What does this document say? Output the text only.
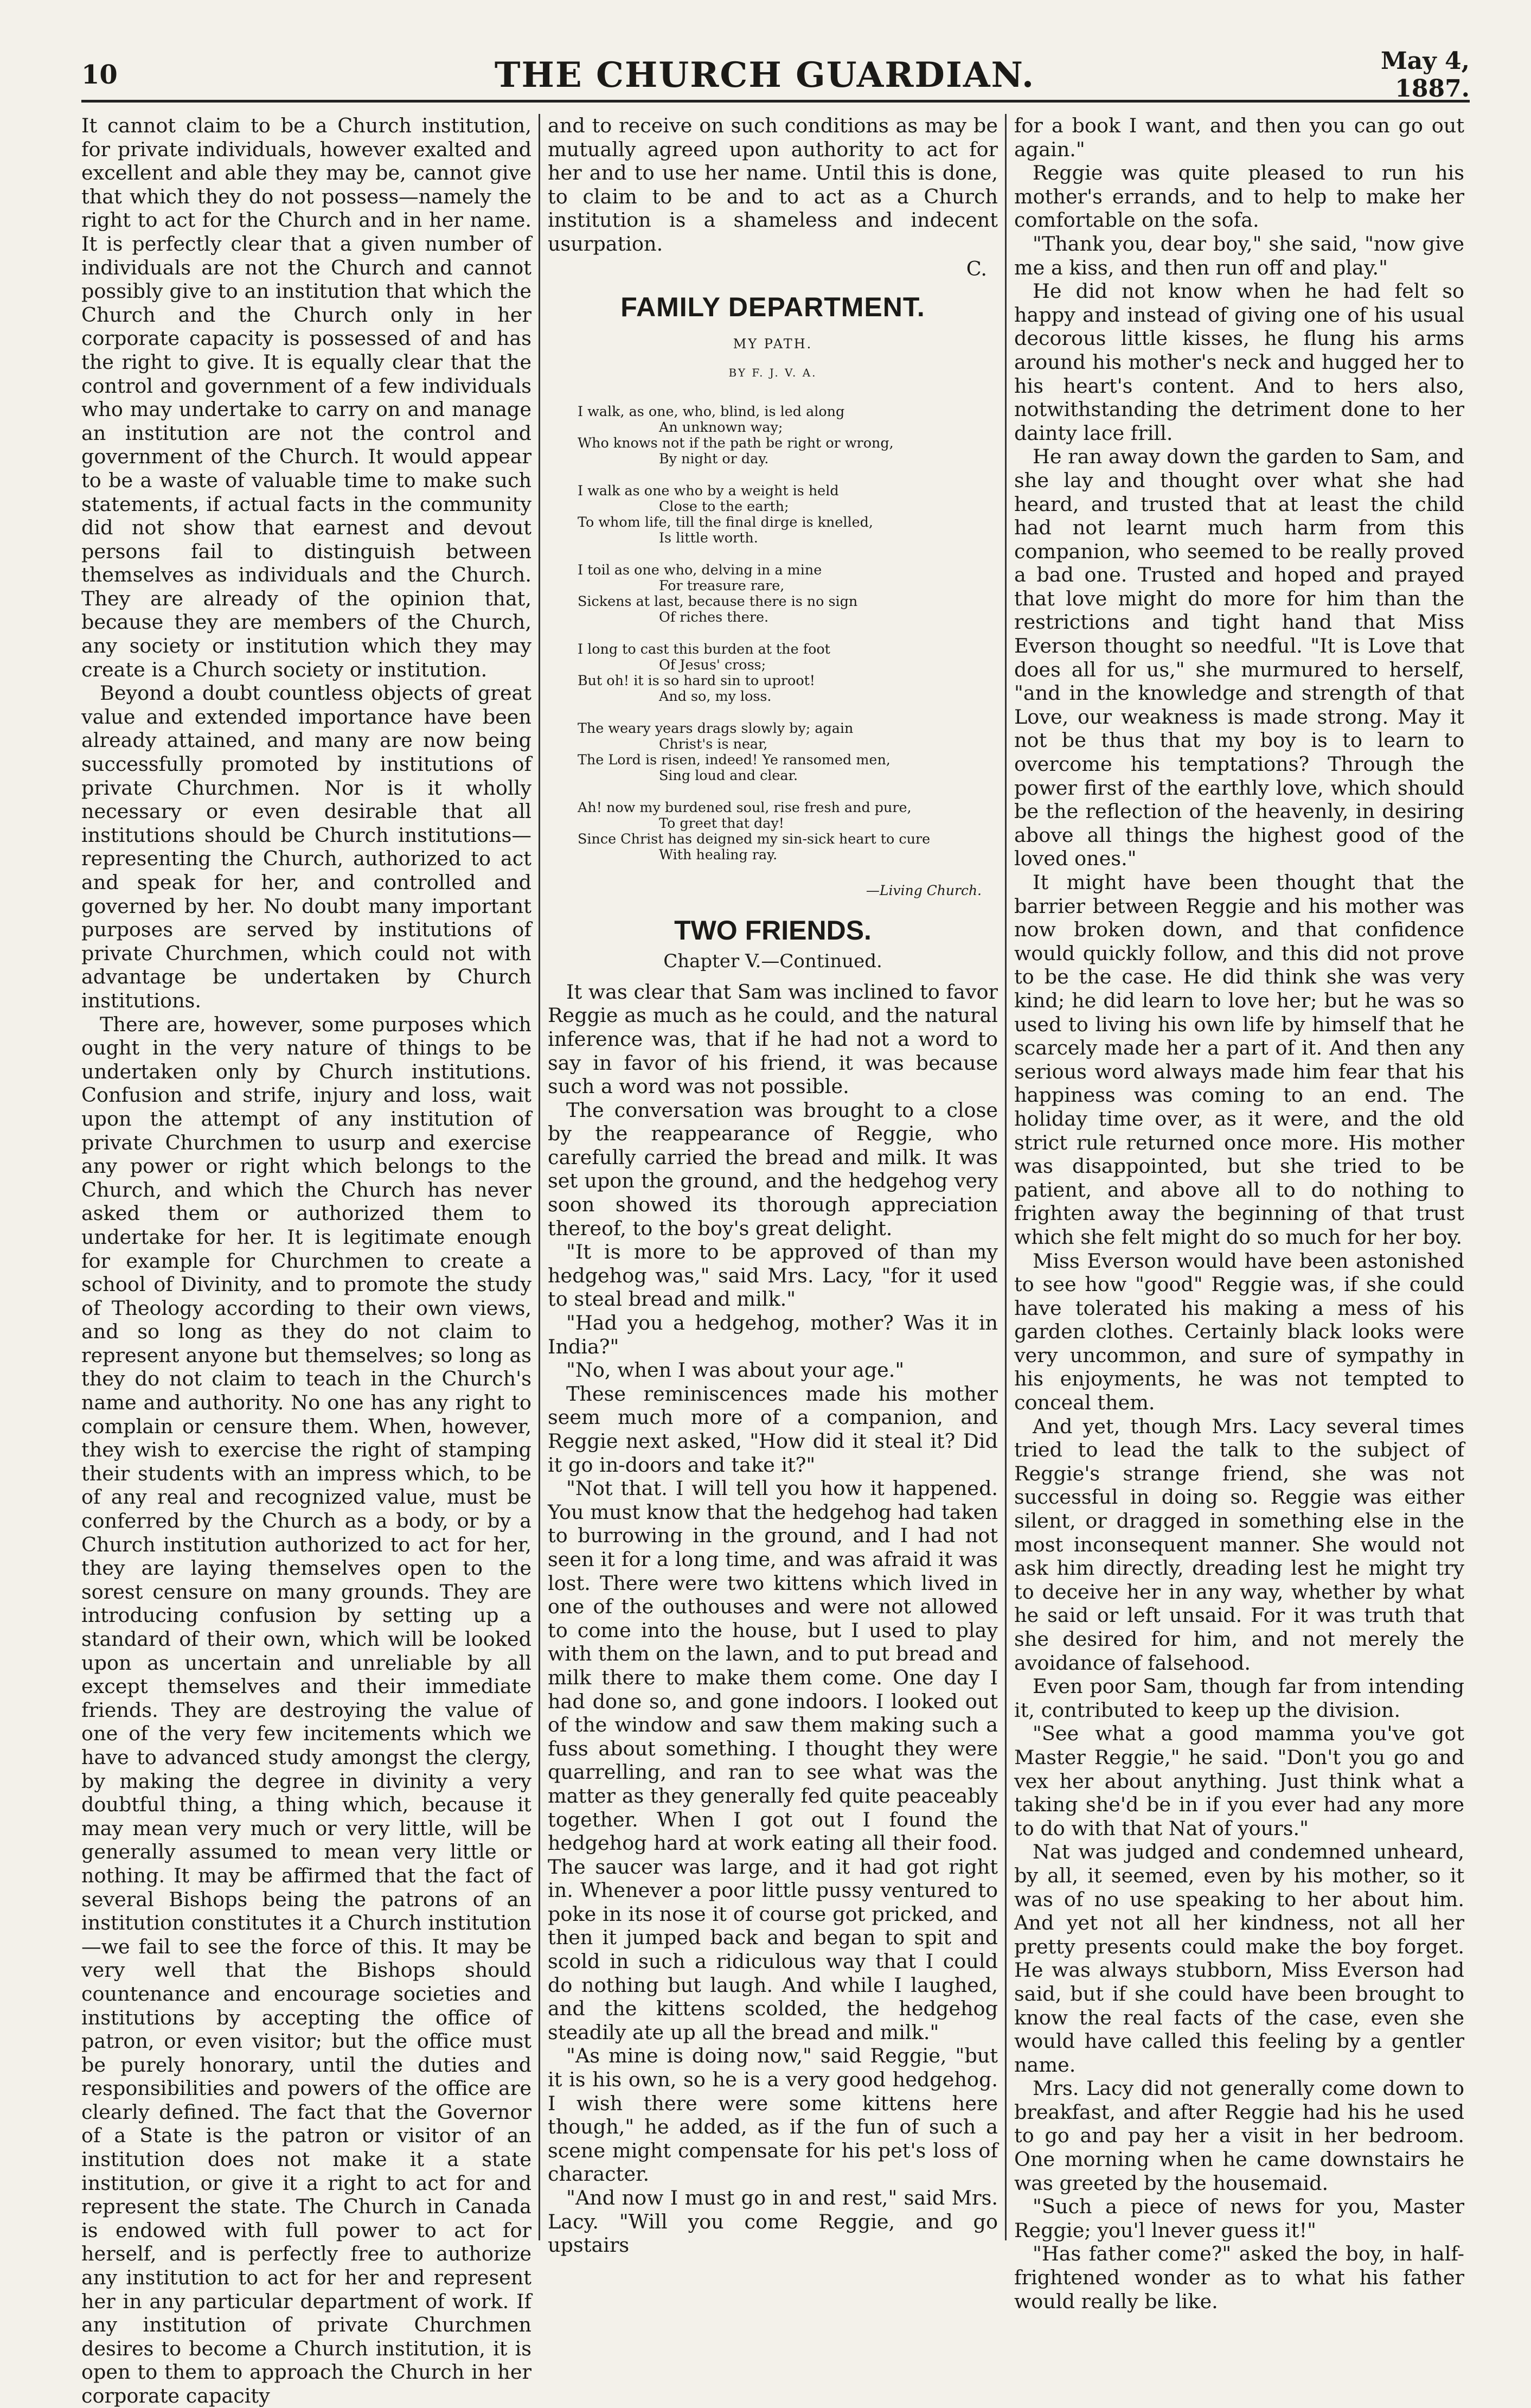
10	THE CHURCH GUARDIAN.	May 4, 1887.

It cannot claim to be a Church institution, for private individuals, however exalted and excellent and able they may be, cannot give that which they do not possess—namely the right to act for the Church and in her name. It is perfectly clear that a given number of individuals are not the Church and cannot possibly give to an institution that which the Church and the Church only in her corporate capacity is possessed of and has the right to give. It is equally clear that the control and government of a few individuals who may undertake to carry on and manage an institution are not the control and government of the Church. It would appear to be a waste of valuable time to make such statements, if actual facts in the community did not show that earnest and devout persons fail to distinguish between themselves as individuals and the Church. They are already of the opinion that, because they are members of the Church, any society or institution which they may create is a Church society or institution.

Beyond a doubt countless objects of great value and extended importance have been already attained, and many are now being successfully promoted by institutions of private Churchmen. Nor is it wholly necessary or even desirable that all institutions should be Church institutions—representing the Church, authorized to act and speak for her, and controlled and governed by her. No doubt many important purposes are served by institutions of private Churchmen, which could not with advantage be undertaken by Church institutions.

There are, however, some purposes which ought in the very nature of things to be undertaken only by Church institutions. Confusion and strife, injury and loss, wait upon the attempt of any institution of private Churchmen to usurp and exercise any power or right which belongs to the Church, and which the Church has never asked them or authorized them to undertake for her. It is legitimate enough for example for Churchmen to create a school of Divinity, and to promote the study of Theology according to their own views, and so long as they do not claim to represent anyone but themselves; so long as they do not claim to teach in the Church's name and authority. No one has any right to complain or censure them. When, however, they wish to exercise the right of stamping their students with an impress which, to be of any real and recognized value, must be conferred by the Church as a body, or by a Church institution authorized to act for her, they are laying themselves open to the sorest censure on many grounds. They are introducing confusion by setting up a standard of their own, which will be looked upon as uncertain and unreliable by all except themselves and their immediate friends. They are destroying the value of one of the very few incitements which we have to advanced study amongst the clergy, by making the degree in divinity a very doubtful thing, a thing which, because it may mean very much or very little, will be generally assumed to mean very little or nothing. It may be affirmed that the fact of several Bishops being the patrons of an institution constitutes it a Church institution—we fail to see the force of this. It may be very well that the Bishops should countenance and encourage societies and institutions by accepting the office of patron, or even visitor; but the office must be purely honorary, until the duties and responsibilities and powers of the office are clearly defined. The fact that the Governor of a State is the patron or visitor of an institution does not make it a state institution, or give it a right to act for and represent the state. The Church in Canada is endowed with full power to act for herself, and is perfectly free to authorize any institution to act for her and represent her in any particular department of work. If any institution of private Churchmen desires to become a Church institution, it is open to them to approach the Church in her corporate capacity

and to receive on such conditions as may be mutually agreed upon authority to act for her and to use her name. Until this is done, to claim to be and to act as a Church institution is a shameless and indecent usurpation.

C.
FAMILY DEPARTMENT.
MY PATH.
BY F. J. V. A.
I walk, as one, who, blind, is led along
An unknown way;
Who knows not if the path be right or wrong,
By night or day.
I walk as one who by a weight is held
Close to the earth;
To whom life, till the final dirge is knelled,
Is little worth.
I toil as one who, delving in a mine
For treasure rare,
Sickens at last, because there is no sign
Of riches there.
I long to cast this burden at the foot
Of Jesus' cross;
But oh! it is so hard sin to uproot!
And so, my loss.
The weary years drags slowly by; again
Christ's is near,
The Lord is risen, indeed! Ye ransomed men,
Sing loud and clear.
Ah! now my burdened soul, rise fresh and pure,
To greet that day!
Since Christ has deigned my sin-sick heart to cure
With healing ray.
—Living Church.
TWO FRIENDS.
Chapter V.—Continued.

It was clear that Sam was inclined to favor Reggie as much as he could, and the natural inference was, that if he had not a word to say in favor of his friend, it was because such a word was not possible.

The conversation was brought to a close by the reappearance of Reggie, who carefully carried the bread and milk. It was set upon the ground, and the hedgehog very soon showed its thorough appreciation thereof, to the boy's great delight.

"It is more to be approved of than my hedgehog was," said Mrs. Lacy, "for it used to steal bread and milk."

"Had you a hedgehog, mother? Was it in India?"

"No, when I was about your age."

These reminiscences made his mother seem much more of a companion, and Reggie next asked, "How did it steal it? Did it go in-doors and take it?"

"Not that. I will tell you how it happened. You must know that the hedgehog had taken to burrowing in the ground, and I had not seen it for a long time, and was afraid it was lost. There were two kittens which lived in one of the outhouses and were not allowed to come into the house, but I used to play with them on the lawn, and to put bread and milk there to make them come. One day I had done so, and gone indoors. I looked out of the window and saw them making such a fuss about something. I thought they were quarrelling, and ran to see what was the matter as they generally fed quite peaceably together. When I got out I found the hedgehog hard at work eating all their food. The saucer was large, and it had got right in. Whenever a poor little pussy ventured to poke in its nose it of course got pricked, and then it jumped back and began to spit and scold in such a ridiculous way that I could do nothing but laugh. And while I laughed, and the kittens scolded, the hedgehog steadily ate up all the bread and milk."

"As mine is doing now," said Reggie, "but it is his own, so he is a very good hedgehog. I wish there were some kittens here though," he added, as if the fun of such a scene might compensate for his pet's loss of character.

"And now I must go in and rest," said Mrs. Lacy. "Will you come Reggie, and go upstairs

for a book I want, and then you can go out again."

Reggie was quite pleased to run his mother's errands, and to help to make her comfortable on the sofa.

"Thank you, dear boy," she said, "now give me a kiss, and then run off and play."

He did not know when he had felt so happy and instead of giving one of his usual decorous little kisses, he flung his arms around his mother's neck and hugged her to his heart's content. And to hers also, notwithstanding the detriment done to her dainty lace frill.

He ran away down the garden to Sam, and she lay and thought over what she had heard, and trusted that at least the child had not learnt much harm from this companion, who seemed to be really proved a bad one. Trusted and hoped and prayed that love might do more for him than the restrictions and tight hand that Miss Everson thought so needful. "It is Love that does all for us," she murmured to herself, "and in the knowledge and strength of that Love, our weakness is made strong. May it not be thus that my boy is to learn to overcome his temptations? Through the power first of the earthly love, which should be the reflection of the heavenly, in desiring above all things the highest good of the loved ones."

It might have been thought that the barrier between Reggie and his mother was now broken down, and that confidence would quickly follow, and this did not prove to be the case. He did think she was very kind; he did learn to love her; but he was so used to living his own life by himself that he scarcely made her a part of it. And then any serious word always made him fear that his happiness was coming to an end. The holiday time over, as it were, and the old strict rule returned once more. His mother was disappointed, but she tried to be patient, and above all to do nothing to frighten away the beginning of that trust which she felt might do so much for her boy.

Miss Everson would have been astonished to see how "good" Reggie was, if she could have tolerated his making a mess of his garden clothes. Certainly black looks were very uncommon, and sure of sympathy in his enjoyments, he was not tempted to conceal them.

And yet, though Mrs. Lacy several times tried to lead the talk to the subject of Reggie's strange friend, she was not successful in doing so. Reggie was either silent, or dragged in something else in the most inconsequent manner. She would not ask him directly, dreading lest he might try to deceive her in any way, whether by what he said or left unsaid. For it was truth that she desired for him, and not merely the avoidance of falsehood.

Even poor Sam, though far from intending it, contributed to keep up the division.

"See what a good mamma you've got Master Reggie," he said. "Don't you go and vex her about anything. Just think what a taking she'd be in if you ever had any more to do with that Nat of yours."

Nat was judged and condemned unheard, by all, it seemed, even by his mother, so it was of no use speaking to her about him. And yet not all her kindness, not all her pretty presents could make the boy forget. He was always stubborn, Miss Everson had said, but if she could have been brought to know the real facts of the case, even she would have called this feeling by a gentler name.

Mrs. Lacy did not generally come down to breakfast, and after Reggie had his he used to go and pay her a visit in her bedroom. One morning when he came downstairs he was greeted by the housemaid.

"Such a piece of news for you, Master Reggie; you'l lnever guess it!"

"Has father come?" asked the boy, in half-frightened wonder as to what his father would really be like.
